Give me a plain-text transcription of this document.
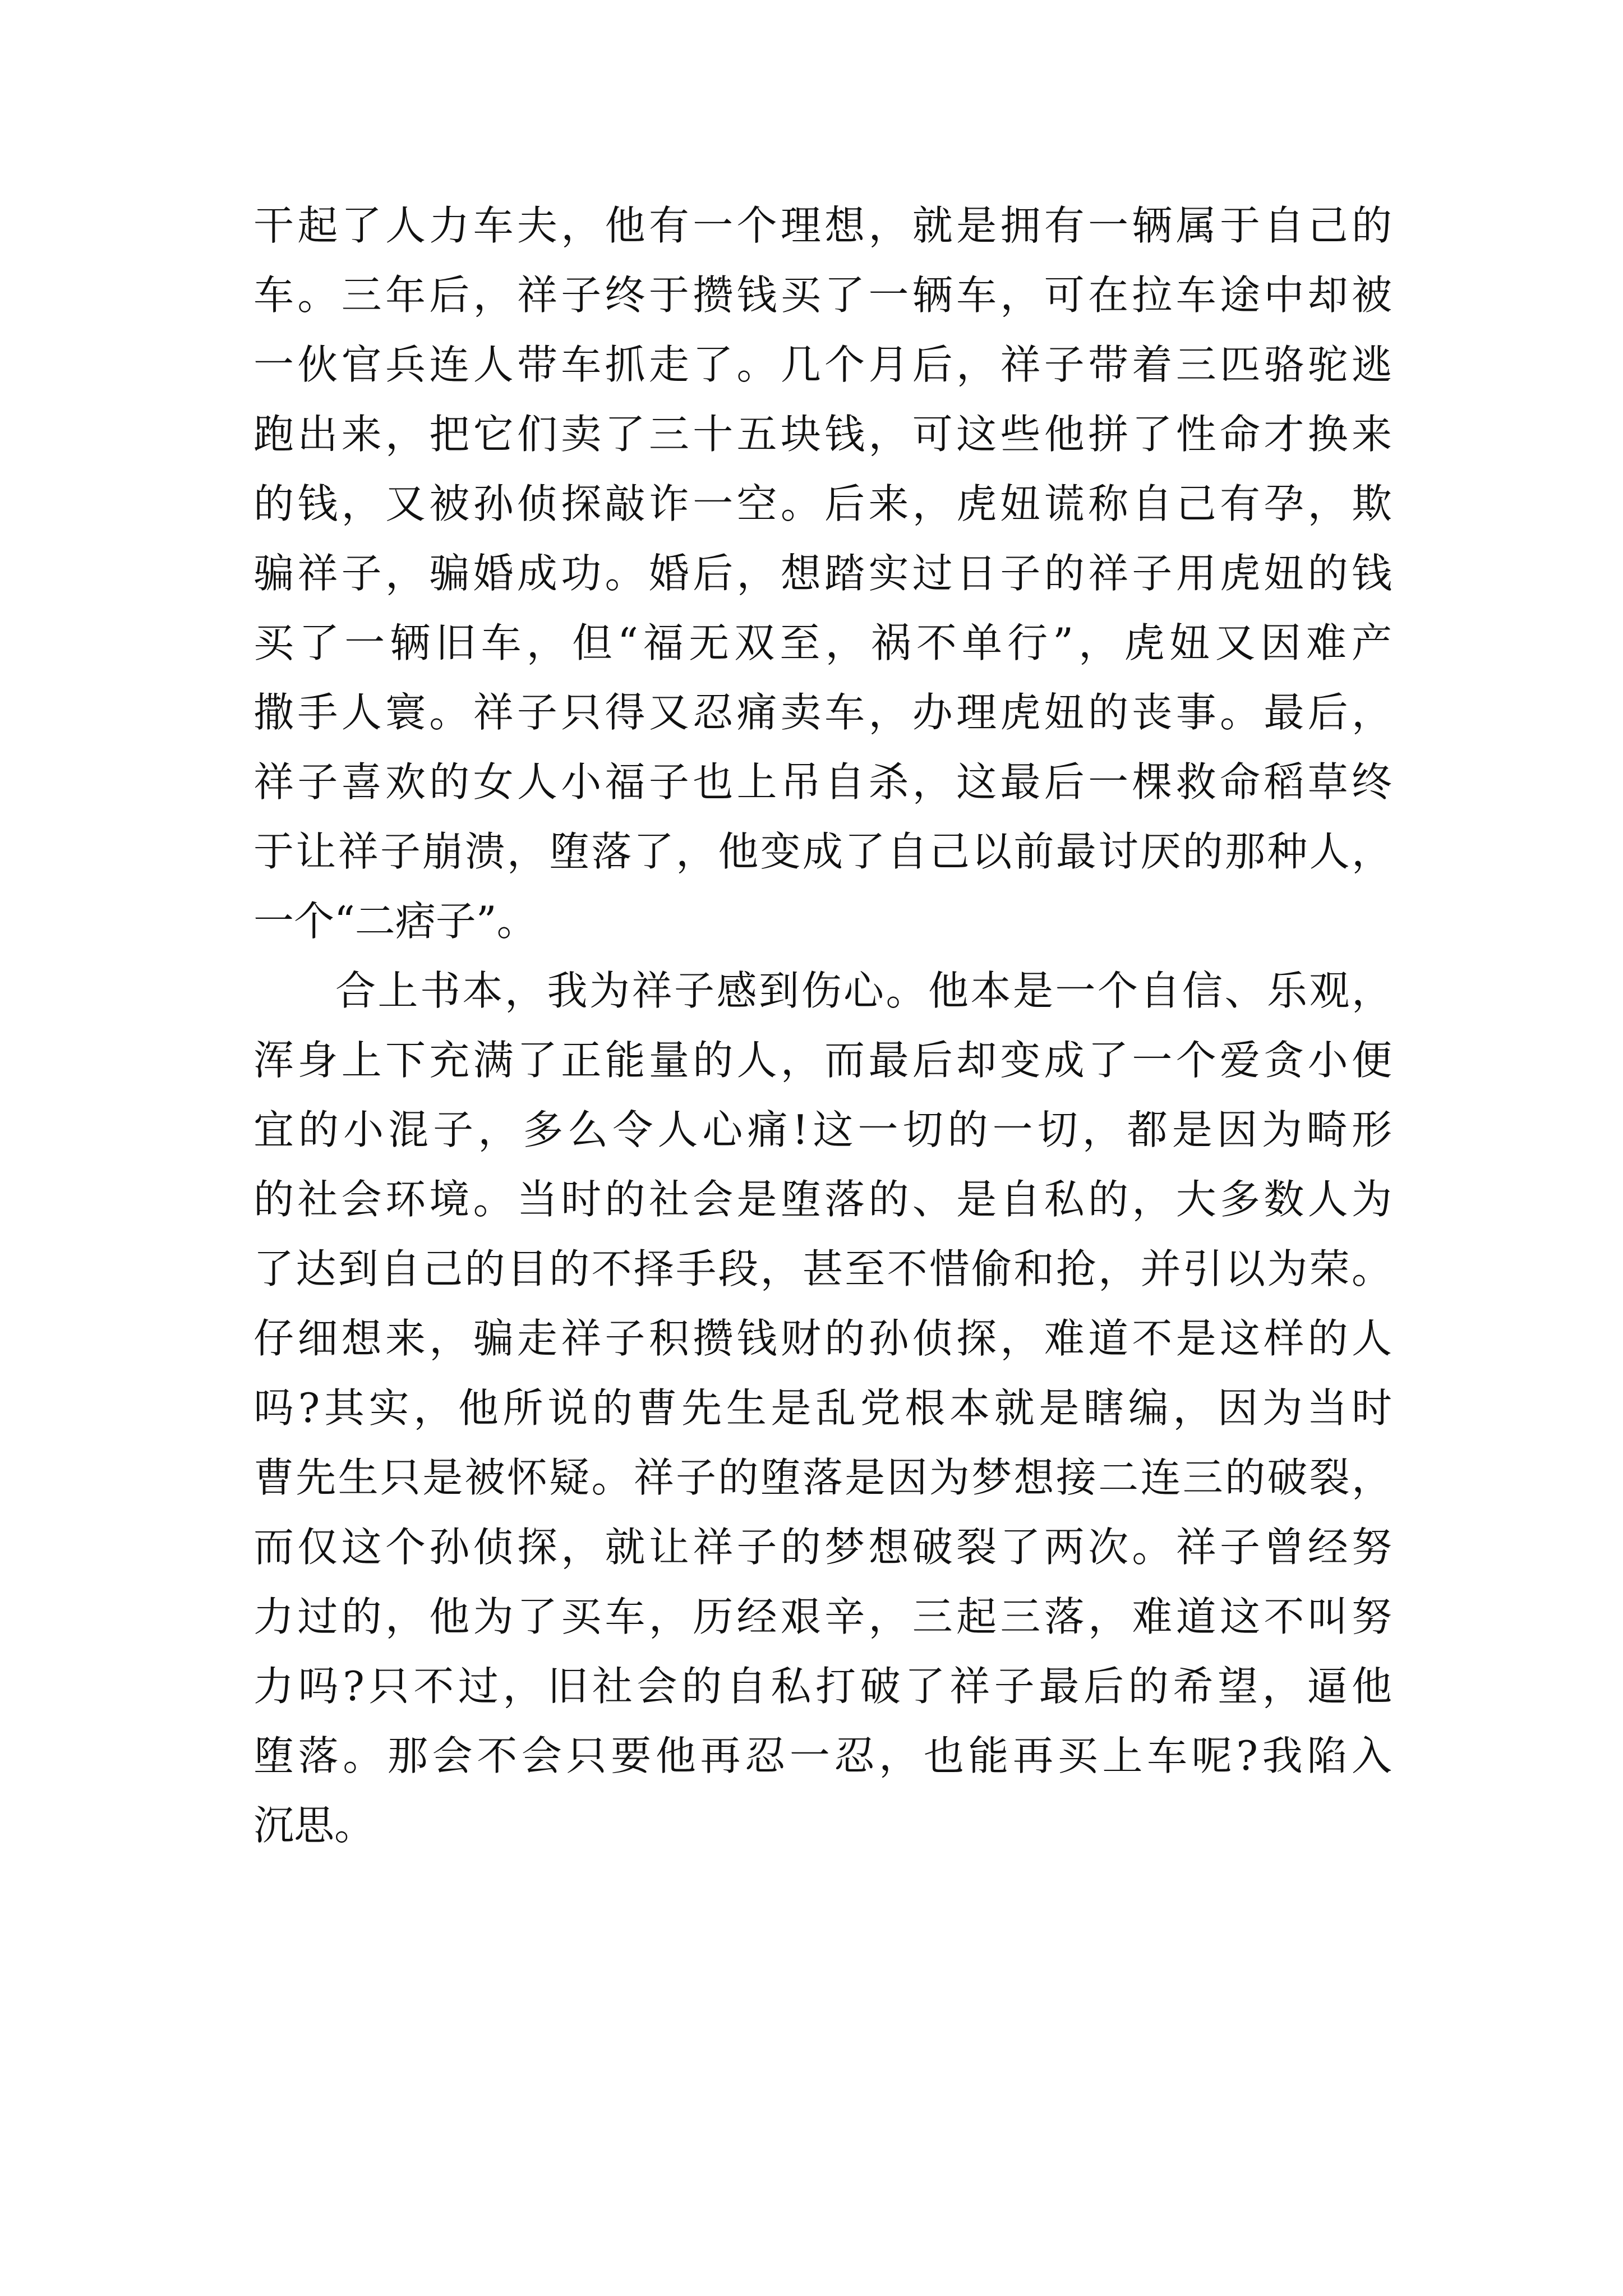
干起了人力车夫，他有一个理想，就是拥有一辆属于自己的
车。三年后，祥子终于攒钱买了一辆车，可在拉车途中却被
一伙官兵连人带车抓走了。几个月后，祥子带着三匹骆驼逃
跑出来，把它们卖了三十五块钱，可这些他拼了性命才换来
的钱，又被孙侦探敲诈一空。后来，虎妞谎称自己有孕，欺
骗祥子，骗婚成功。婚后，想踏实过日子的祥子用虎妞的钱
买了一辆旧车，但“福无双至，祸不单行”，虎妞又因难产
撒手人寰。祥子只得又忍痛卖车，办理虎妞的丧事。最后，
祥子喜欢的女人小福子也上吊自杀，这最后一棵救命稻草终
于让祥子崩溃，堕落了，他变成了自己以前最讨厌的那种人，
一个“二痞子”。

合上书本，我为祥子感到伤心。他本是一个自信、乐观，
浑身上下充满了正能量的人，而最后却变成了一个爱贪小便
宜的小混子，多么令人心痛!这一切的一切，都是因为畸形
的社会环境。当时的社会是堕落的、是自私的，大多数人为
了达到自己的目的不择手段，甚至不惜偷和抢，并引以为荣。
仔细想来，骗走祥子积攒钱财的孙侦探，难道不是这样的人
吗?其实，他所说的曹先生是乱党根本就是瞎编，因为当时
曹先生只是被怀疑。祥子的堕落是因为梦想接二连三的破裂，
而仅这个孙侦探，就让祥子的梦想破裂了两次。祥子曾经努
力过的，他为了买车，历经艰辛，三起三落，难道这不叫努
力吗?只不过，旧社会的自私打破了祥子最后的希望，逼他
堕落。那会不会只要他再忍一忍，也能再买上车呢?我陷入
沉思。
